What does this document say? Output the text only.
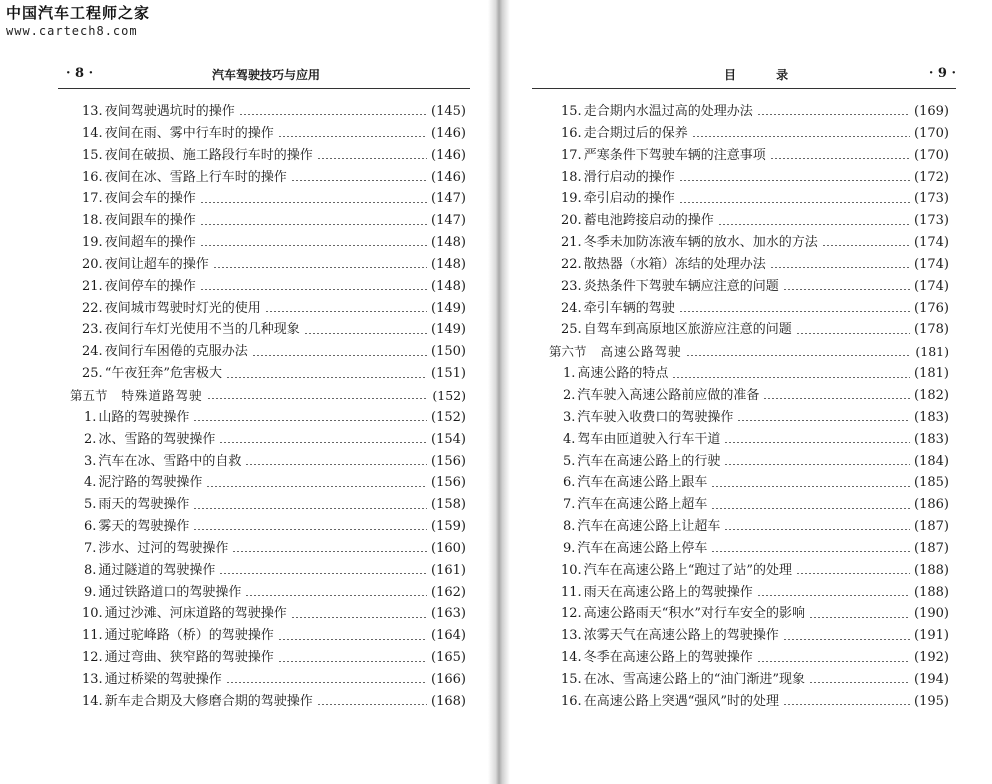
中国汽车工程师之家
www.cartech8.com
· 8 ·	汽车驾驶技巧与应用
13. 夜间驾驶遇坑时的操作	(145)
14. 夜间在雨、雾中行车时的操作	(146)
15. 夜间在破损、施工路段行车时的操作	(146)
16. 夜间在冰、雪路上行车时的操作	(146)
17. 夜间会车的操作	(147)
18. 夜间跟车的操作	(147)
19. 夜间超车的操作	(148)
20. 夜间让超车的操作	(148)
21. 夜间停车的操作	(148)
22. 夜间城市驾驶时灯光的使用	(149)
23. 夜间行车灯光使用不当的几种现象	(149)
24. 夜间行车困倦的克服办法	(150)
25. “午夜狂奔”危害极大	(151)
第五节 特殊道路驾驶	(152)
1. 山路的驾驶操作	(152)
2. 冰、雪路的驾驶操作	(154)
3. 汽车在冰、雪路中的自救	(156)
4. 泥泞路的驾驶操作	(156)
5. 雨天的驾驶操作	(158)
6. 雾天的驾驶操作	(159)
7. 涉水、过河的驾驶操作	(160)
8. 通过隧道的驾驶操作	(161)
9. 通过铁路道口的驾驶操作	(162)
10. 通过沙滩、河床道路的驾驶操作	(163)
11. 通过驼峰路（桥）的驾驶操作	(164)
12. 通过弯曲、狭窄路的驾驶操作	(165)
13. 通过桥梁的驾驶操作	(166)
14. 新车走合期及大修磨合期的驾驶操作	(168)
目 录	· 9 ·
15. 走合期内水温过高的处理办法	(169)
16. 走合期过后的保养	(170)
17. 严寒条件下驾驶车辆的注意事项	(170)
18. 滑行启动的操作	(172)
19. 牵引启动的操作	(173)
20. 蓄电池跨接启动的操作	(173)
21. 冬季未加防冻液车辆的放水、加水的方法	(174)
22. 散热器（水箱）冻结的处理办法	(174)
23. 炎热条件下驾驶车辆应注意的问题	(174)
24. 牵引车辆的驾驶	(176)
25. 自驾车到高原地区旅游应注意的问题	(178)
第六节 高速公路驾驶	(181)
1. 高速公路的特点	(181)
2. 汽车驶入高速公路前应做的准备	(182)
3. 汽车驶入收费口的驾驶操作	(183)
4. 驾车由匝道驶入行车干道	(183)
5. 汽车在高速公路上的行驶	(184)
6. 汽车在高速公路上跟车	(185)
7. 汽车在高速公路上超车	(186)
8. 汽车在高速公路上让超车	(187)
9. 汽车在高速公路上停车	(187)
10. 汽车在高速公路上“跑过了站”的处理	(188)
11. 雨天在高速公路上的驾驶操作	(188)
12. 高速公路雨天“积水”对行车安全的影响	(190)
13. 浓雾天气在高速公路上的驾驶操作	(191)
14. 冬季在高速公路上的驾驶操作	(192)
15. 在冰、雪高速公路上的“油门渐进”现象	(194)
16. 在高速公路上突遇“强风”时的处理	(195)
